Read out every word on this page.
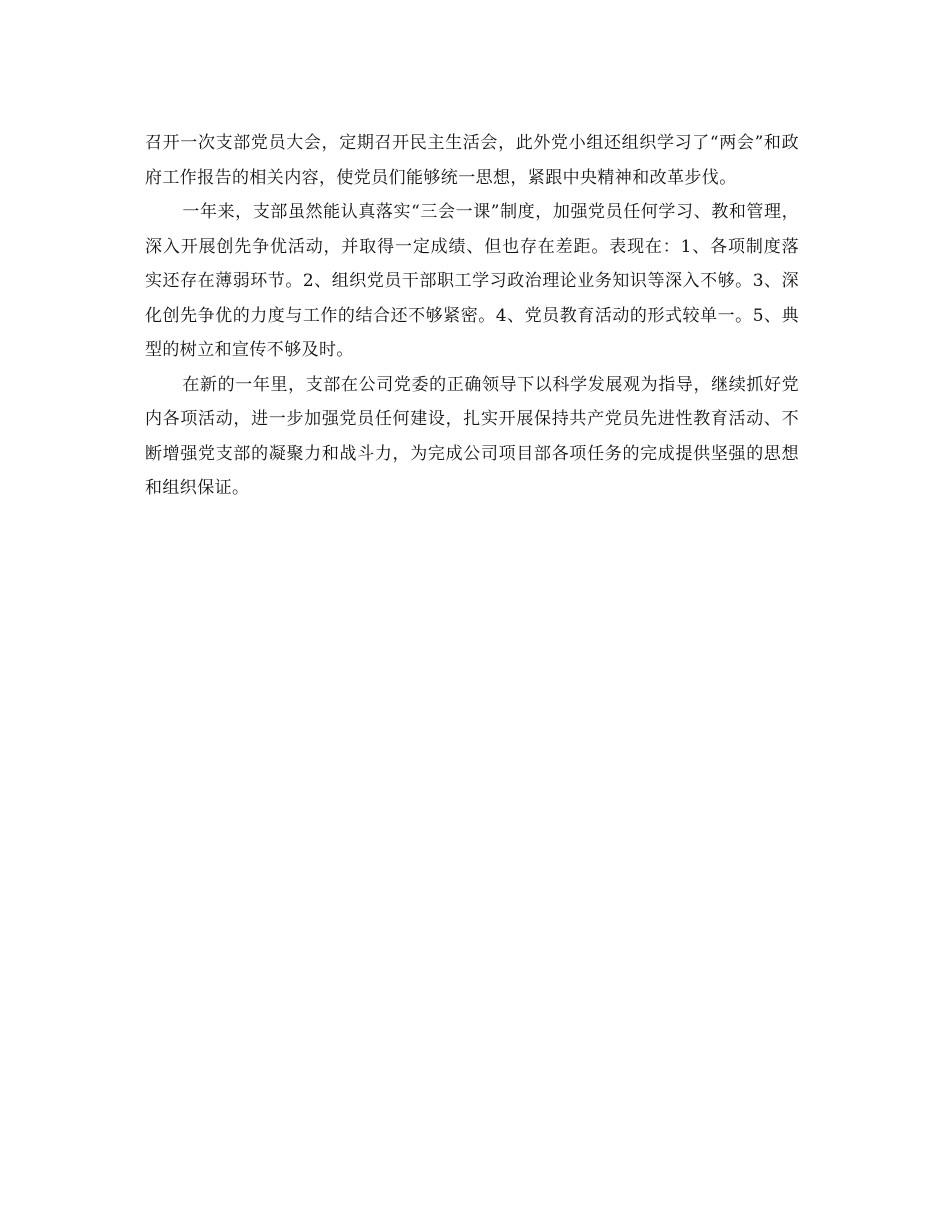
召开一次支部党员大会，定期召开民主生活会，此外党小组还组织学习了“两会”和政府工作报告的相关内容，使党员们能够统一思想，紧跟中央精神和改革步伐。

一年来，支部虽然能认真落实“三会一课”制度，加强党员任何学习、教和管理，深入开展创先争优活动，并取得一定成绩、但也存在差距。表现在：1、各项制度落实还存在薄弱环节。2、组织党员干部职工学习政治理论业务知识等深入不够。3、深化创先争优的力度与工作的结合还不够紧密。4、党员教育活动的形式较单一。5、典型的树立和宣传不够及时。

在新的一年里，支部在公司党委的正确领导下以科学发展观为指导，继续抓好党内各项活动，进一步加强党员任何建设，扎实开展保持共产党员先进性教育活动、不断增强党支部的凝聚力和战斗力，为完成公司项目部各项任务的完成提供坚强的思想和组织保证。
